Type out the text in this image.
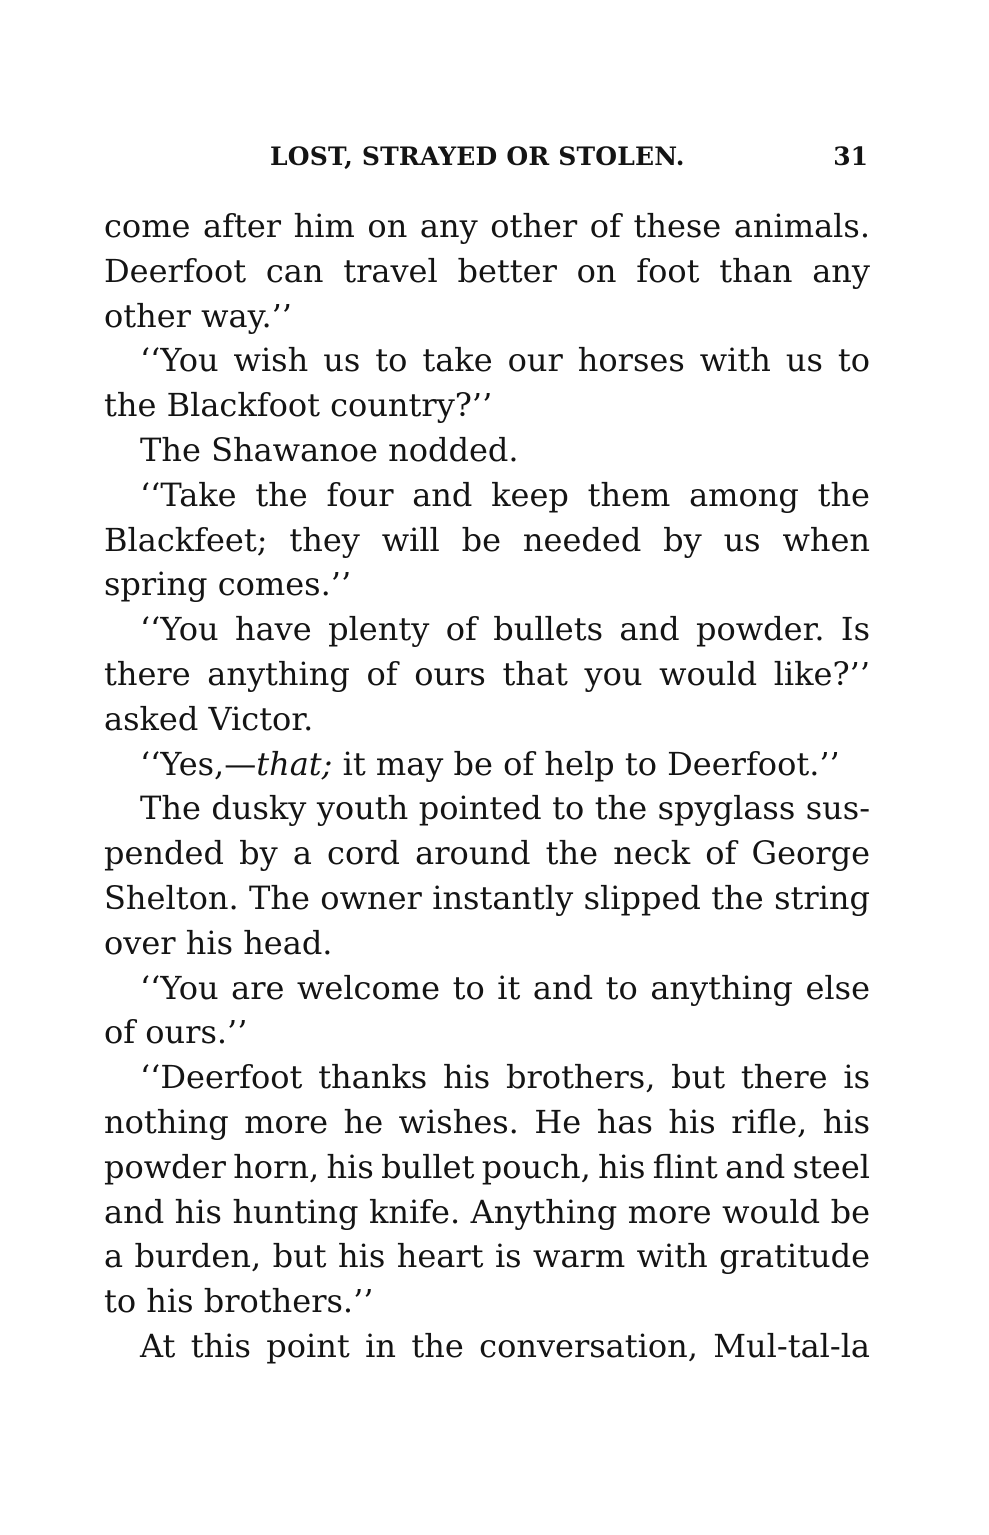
LOST, STRAYED OR STOLEN.	31
come after him on any other of these animals.
Deerfoot can travel better on foot than any
other way.’’
‘‘You wish us to take our horses with us to
the Blackfoot country?’’
The Shawanoe nodded.
‘‘Take the four and keep them among the
Blackfeet; they will be needed by us when
spring comes.’’
‘‘You have plenty of bullets and powder. Is
there anything of ours that you would like?’’
asked Victor.
‘‘Yes,—that; it may be of help to Deerfoot.’’
The dusky youth pointed to the spyglass sus-
pended by a cord around the neck of George
Shelton. The owner instantly slipped the string
over his head.
‘‘You are welcome to it and to anything else
of ours.’’
‘‘Deerfoot thanks his brothers, but there is
nothing more he wishes. He has his rifle, his
powder horn, his bullet pouch, his flint and steel
and his hunting knife. Anything more would be
a burden, but his heart is warm with gratitude
to his brothers.’’
At this point in the conversation, Mul-tal-la
